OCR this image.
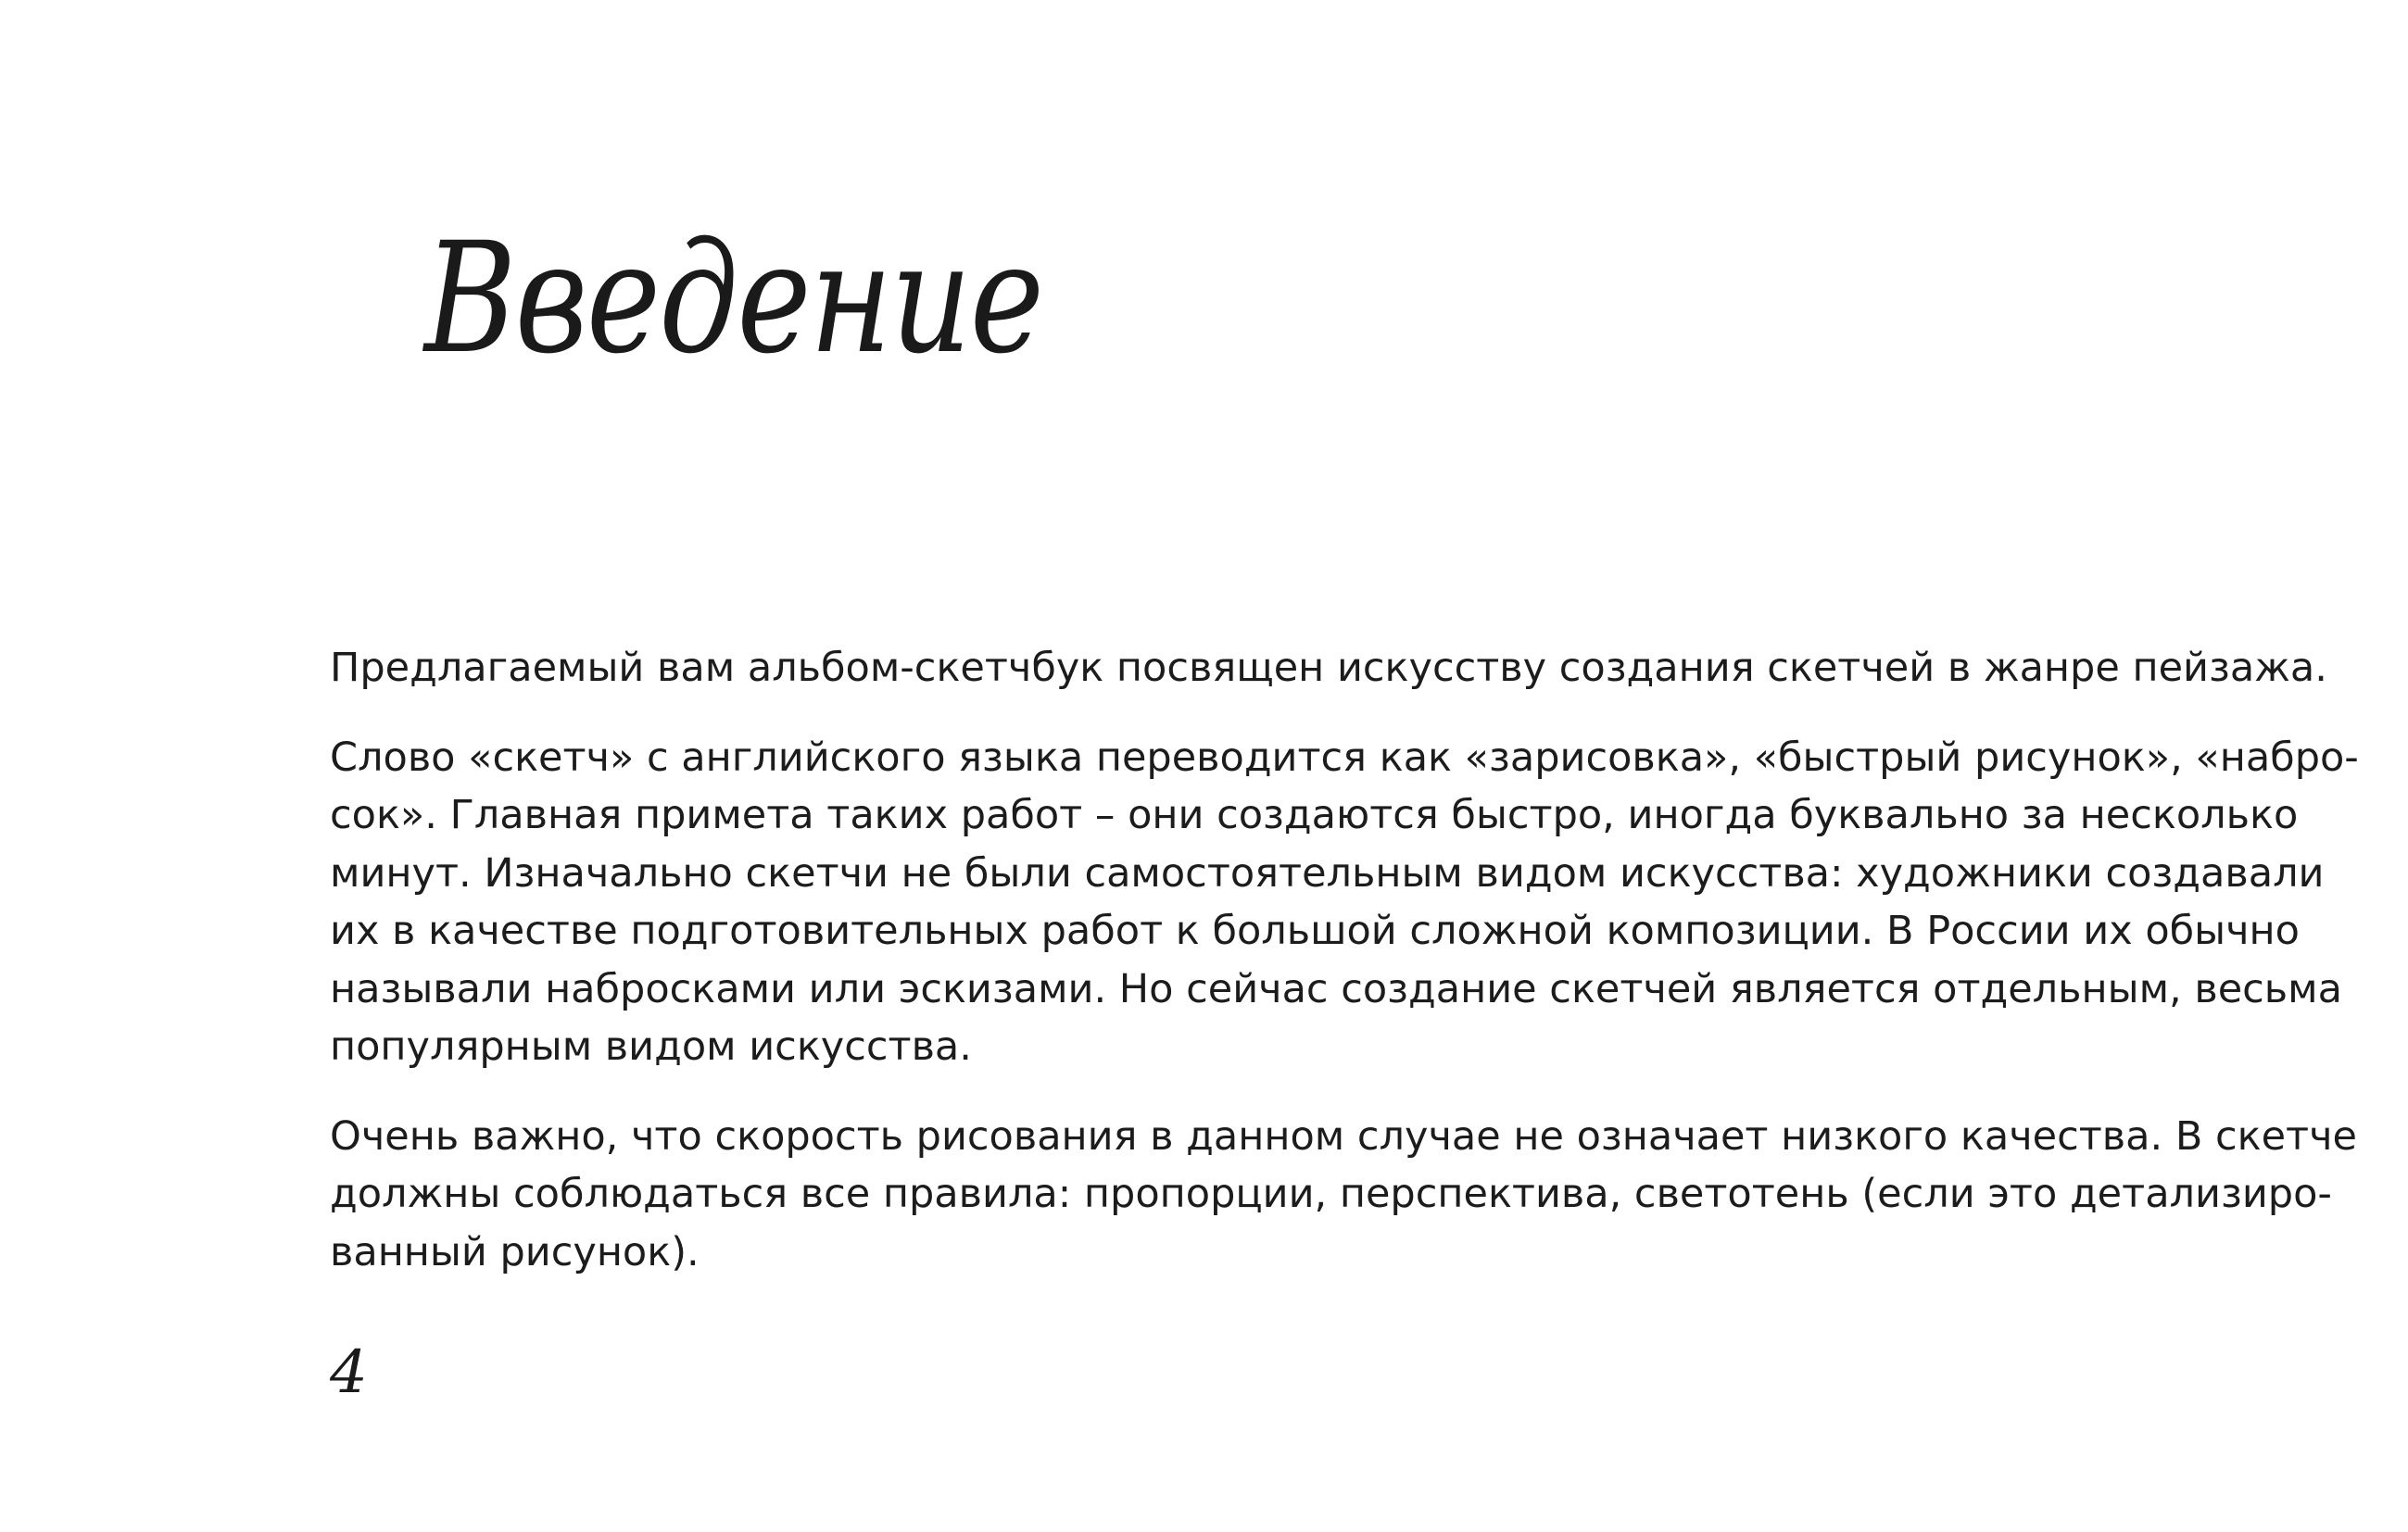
Введение

Предлагаемый вам альбом-скетчбук посвящен искусству создания скетчей в жанре пейзажа.

Слово «скетч» с английского языка переводится как «зарисовка», «быстрый рисунок», «набро-
сок». Главная примета таких работ – они создаются быстро, иногда буквально за несколько
минут. Изначально скетчи не были самостоятельным видом искусства: художники создавали
их в качестве подготовительных работ к большой сложной композиции. В России их обычно
называли набросками или эскизами. Но сейчас создание скетчей является отдельным, весьма
популярным видом искусства.

Очень важно, что скорость рисования в данном случае не означает низкого качества. В скетче
должны соблюдаться все правила: пропорции, перспектива, светотень (если это детализиро-
ванный рисунок).

4
